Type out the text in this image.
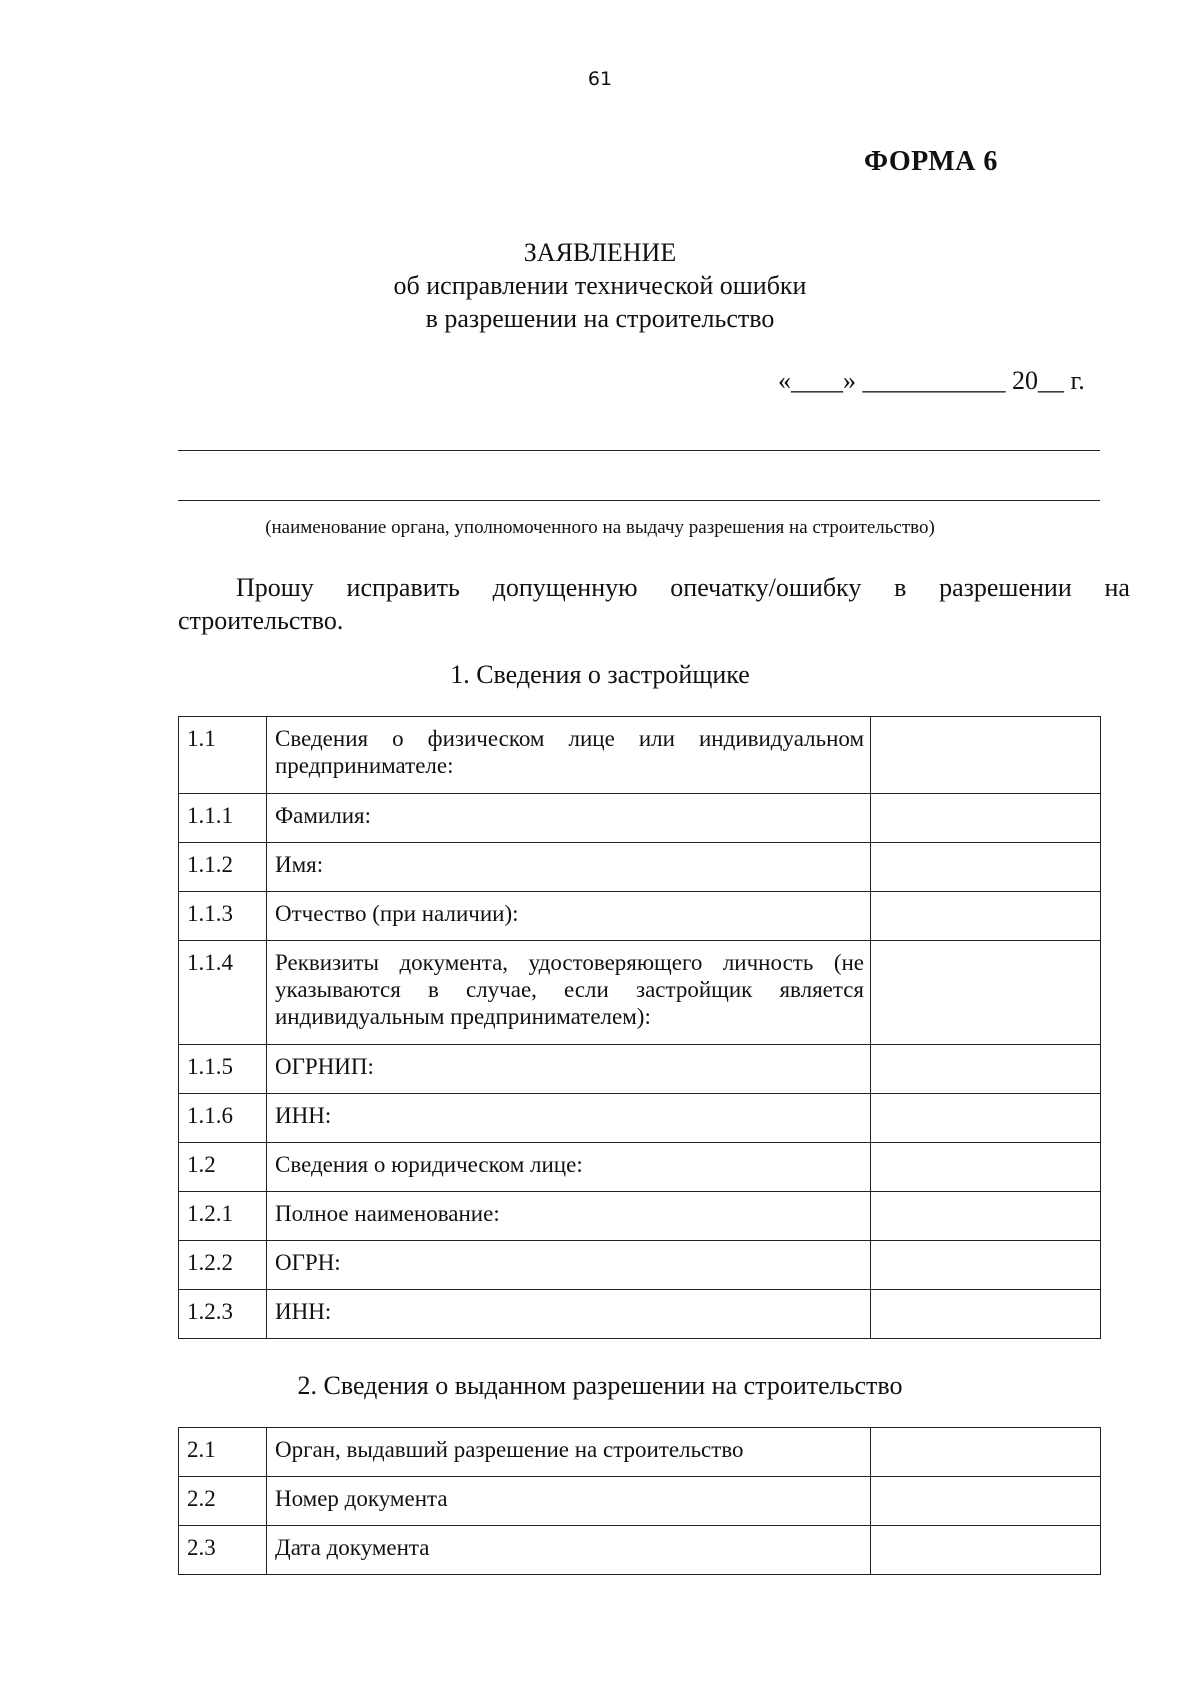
61
ФОРМА 6
ЗАЯВЛЕНИЕ
об исправлении технической ошибки
в разрешении на строительство
«____» ___________ 20__ г.
(наименование органа, уполномоченного на выдачу разрешения на строительство)
Прошу исправить допущенную опечатку/ошибку в разрешении на
строительство.
1. Сведения о застройщике
1.1	Сведения о физическом лице или индивидуальном предпринимателе:	
1.1.1	Фамилия:	
1.1.2	Имя:	
1.1.3	Отчество (при наличии):	
1.1.4	Реквизиты документа, удостоверяющего личность (не указываются в случае, если застройщик является индивидуальным предпринимателем):	
1.1.5	ОГРНИП:	
1.1.6	ИНН:	
1.2	Сведения о юридическом лице:	
1.2.1	Полное наименование:	
1.2.2	ОГРН:	
1.2.3	ИНН:	
2. Сведения о выданном разрешении на строительство
2.1	Орган, выдавший разрешение на строительство	
2.2	Номер документа	
2.3	Дата документа	
